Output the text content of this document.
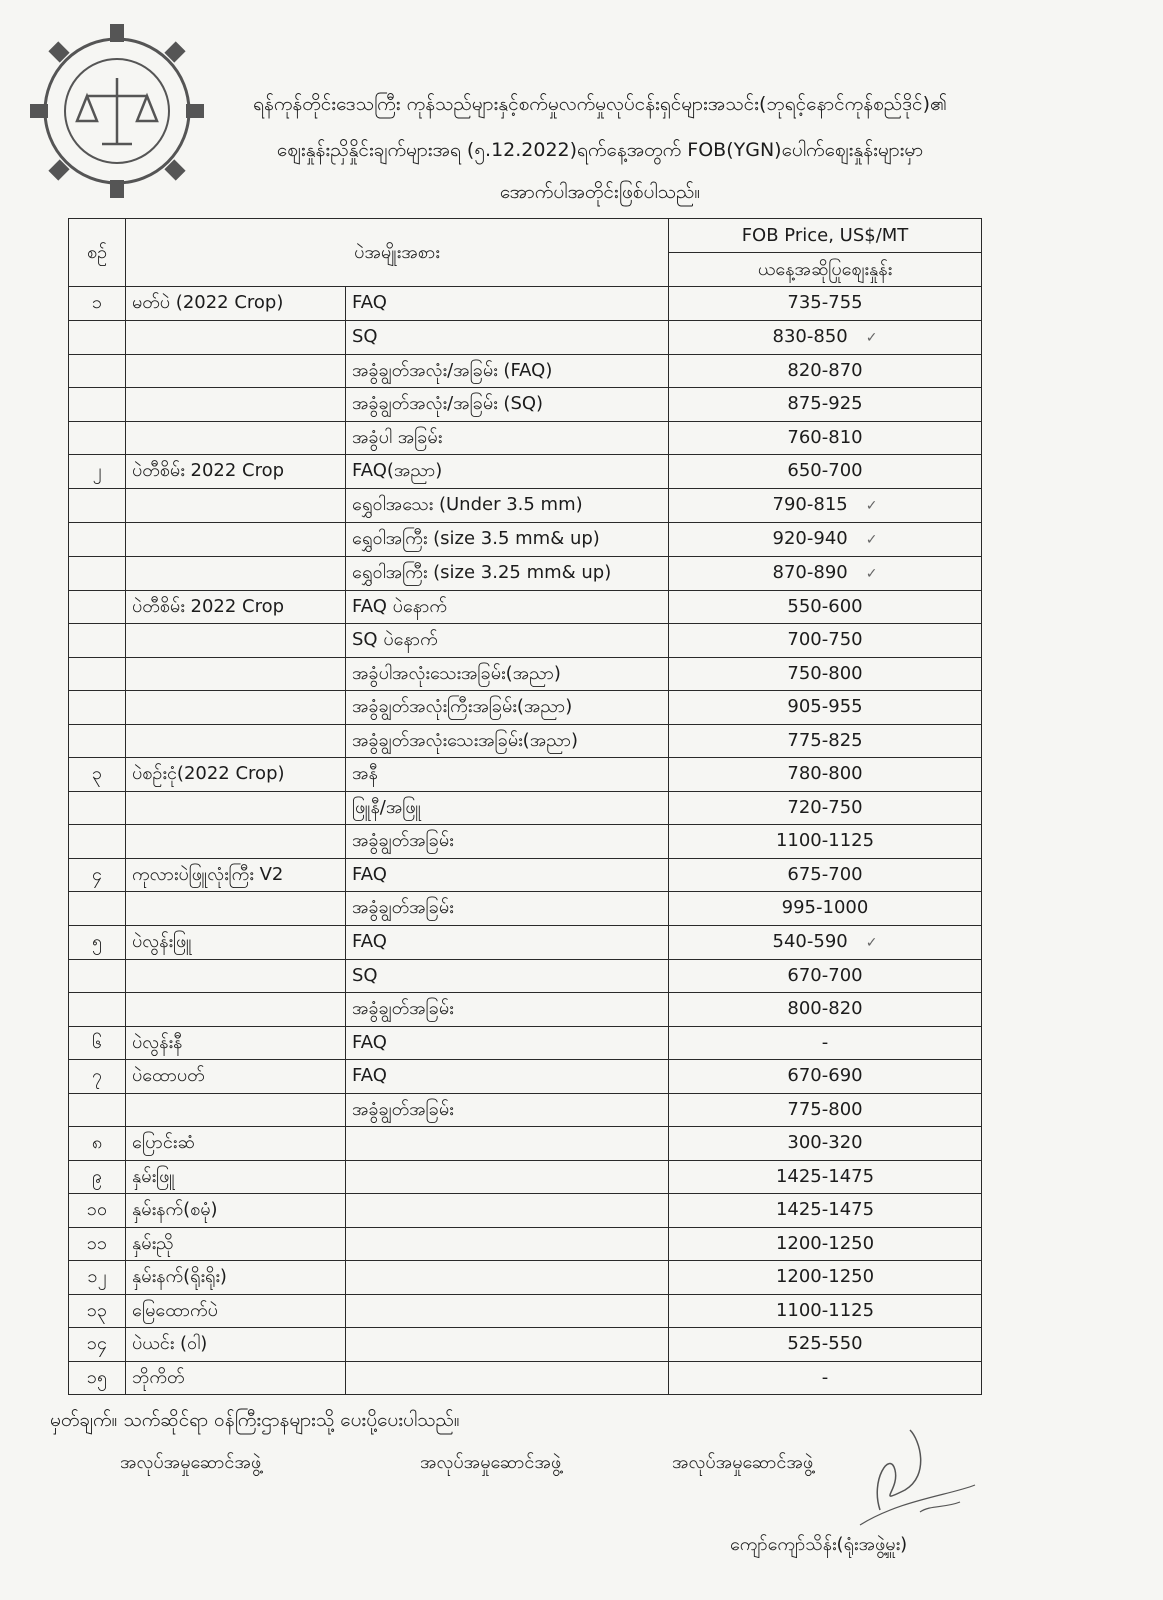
ရန်ကုန်တိုင်းဒေသကြီး ကုန်သည်များနှင့်စက်မှုလက်မှုလုပ်ငန်းရှင်များအသင်း(ဘုရင့်နောင်ကုန်စည်ဒိုင်)၏
စျေးနှုန်းညှိနှိုင်းချက်များအရ (၅.12.2022)ရက်နေ့အတွက် FOB(YGN)ပေါက်စျေးနှုန်းများမှာ
အောက်ပါအတိုင်းဖြစ်ပါသည်။
စဉ်	ပဲအမျိုးအစား		FOB Price, US$/MT
			ယနေ့အဆိုပြုစျေးနှုန်း
၁	မတ်ပဲ (2022 Crop)	FAQ	735-755
		SQ	830-850 ✓
		အခွံချွတ်အလုံး/အခြမ်း (FAQ)	820-870
		အခွံချွတ်အလုံး/အခြမ်း (SQ)	875-925
		အခွံပါ အခြမ်း	760-810
၂	ပဲတီစိမ်း 2022 Crop	FAQ(အညာ)	650-700
		ရွှေဝါအသေး (Under 3.5 mm)	790-815 ✓
		ရွှေဝါအကြီး (size 3.5 mm& up)	920-940 ✓
		ရွှေဝါအကြီး (size 3.25 mm& up)	870-890 ✓
	ပဲတီစိမ်း 2022 Crop	FAQ ပဲနောက်	550-600
		SQ ပဲနောက်	700-750
		အခွံပါအလုံးသေးအခြမ်း(အညာ)	750-800
		အခွံချွတ်အလုံးကြီးအခြမ်း(အညာ)	905-955
		အခွံချွတ်အလုံးသေးအခြမ်း(အညာ)	775-825
၃	ပဲစဉ်းငုံ(2022 Crop)	အနီ	780-800
		ဖြူနီ/အဖြူ	720-750
		အခွံချွတ်အခြမ်း	1100-1125
၄	ကုလားပဲဖြူလုံးကြီး V2	FAQ	675-700
		အခွံချွတ်အခြမ်း	995-1000
၅	ပဲလွန်းဖြူ	FAQ	540-590 ✓
		SQ	670-700
		အခွံချွတ်အခြမ်း	800-820
၆	ပဲလွန်းနီ	FAQ	-
၇	ပဲထောပတ်	FAQ	670-690
		အခွံချွတ်အခြမ်း	775-800
၈	ပြောင်းဆံ		300-320
၉	နှမ်းဖြူ		1425-1475
၁၀	နှမ်းနက်(စမုံ)		1425-1475
၁၁	နှမ်းညို		1200-1250
၁၂	နှမ်းနက်(ရိုးရိုး)		1200-1250
၁၃	မြေထောက်ပဲ		1100-1125
၁၄	ပဲယင်း (ဝါ)		525-550
၁၅	ဘိုကိတ်		-
မှတ်ချက်။ သက်ဆိုင်ရာ ဝန်ကြီးဌာနများသို့ ပေးပို့ပေးပါသည်။
အလုပ်အမှုဆောင်အဖွဲ့	အလုပ်အမှုဆောင်အဖွဲ့	အလုပ်အမှုဆောင်အဖွဲ့
ကျော်ကျော်သိန်း(ရုံးအဖွဲ့မှူး)
